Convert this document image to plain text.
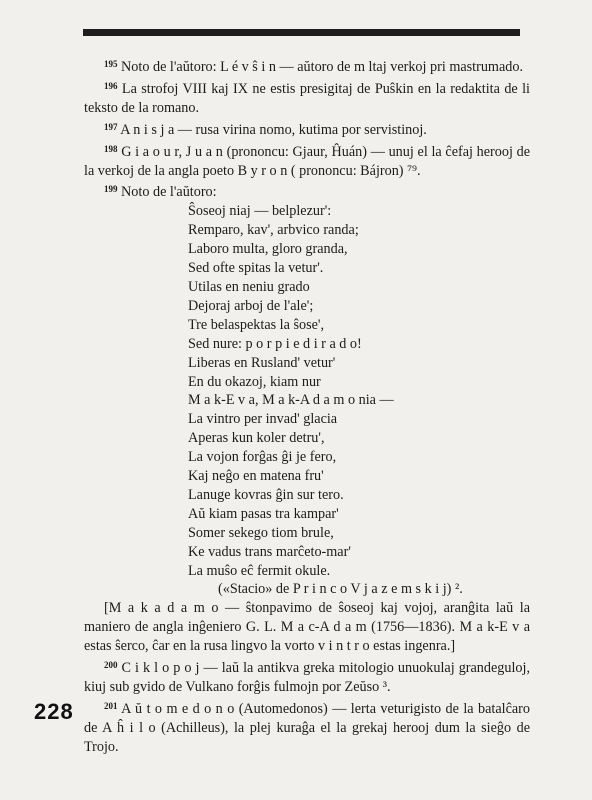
$^{195}$ Noto de l'aŭtoro: L é v ŝ i n — aŭtoro de m ltaj verkoj pri mastrumado.

$^{196}$ La strofoj VIII kaj IX ne estis presigitaj de Puŝkin en la redaktita de li teksto de la romano.

$^{197}$ A n i s j a — rusa virina nomo, kutima por servistinoj.

$^{198}$ G i a o u r, J u a n (prononcu: Gjaur, Ĥuán) — unuj el la ĉefaj herooj de la verkoj de la angla poeto B y r o n ( prononcu: Bájron) ⁷⁹.

$^{199}$ Noto de l'aŭtoro:

Ŝoseoj niaj — belplezur':
Remparo, kav', arbvico randa;
Laboro multa, gloro granda,
Sed ofte spitas la vetur'.
Utilas en neniu grado
Dejoraj arboj de l'ale';
Tre belaspektas la ŝose',
Sed nure: p o r p i e d i r a d o!
Liberas en Rusland' vetur'
En du okazoj, kiam nur
M a k-E v a, M a k-A d a m o nia —
La vintro per invad' glacia
Aperas kun koler detru',
La vojon forĝas ĝi je fero,
Kaj neĝo en matena fru'
Lanuge kovras ĝin sur tero.
Aŭ kiam pasas tra kampar'
Somer sekego tiom brule,
Ke vadus trans marĉeto-mar'
La muŝo eĉ fermit okule.
(«Stacio» de P r i n c o V j a z e m s k i j) ².

[M a k a d a m o — ŝtonpavimo de ŝoseoj kaj vojoj, aranĝita laŭ la maniero de angla inĝeniero G. L. M a c-A d a m (1756—1836). M a k-E v a estas ŝerco, ĉar en la rusa lingvo la vorto v i n t r o estas ingenra.]

$^{200}$ C i k l o p o j — laŭ la antikva greka mitologio unuokulaj grandeguloj, kiuj sub gvido de Vulkano forĝis fulmojn por Zeŭso ³.

$^{201}$ A ŭ t o m e d o n o (Automedonos) — lerta veturigisto de la batalĉaro de A ĥ i l o (Achilleus), la plej kuraĝa el la grekaj herooj dum la sieĝo de Trojo.

228
